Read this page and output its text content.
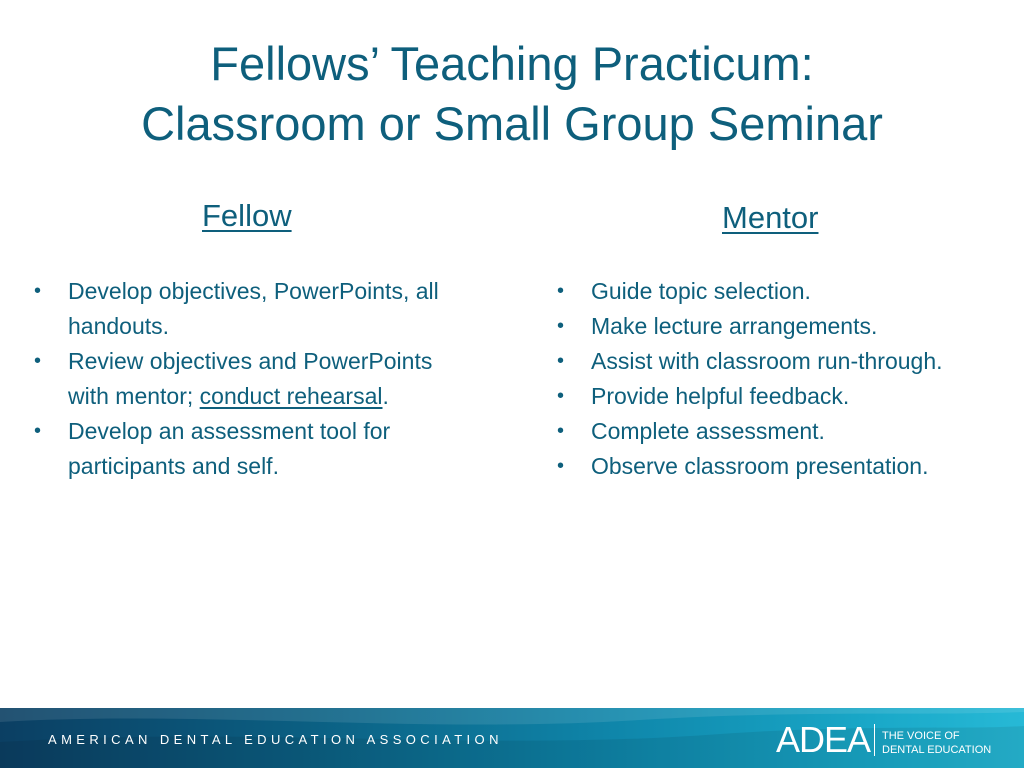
Fellows’ Teaching Practicum:
Classroom or Small Group Seminar
Fellow	Mentor
• Develop objectives, PowerPoints, all handouts.
• Review objectives and PowerPoints with mentor; conduct rehearsal.
• Develop an assessment tool for participants and self.
• Guide topic selection.
• Make lecture arrangements.
• Assist with classroom run-through.
• Provide helpful feedback.
• Complete assessment.
• Observe classroom presentation.
AMERICAN DENTAL EDUCATION ASSOCIATION	ADEA THE VOICE OF
DENTAL EDUCATION
